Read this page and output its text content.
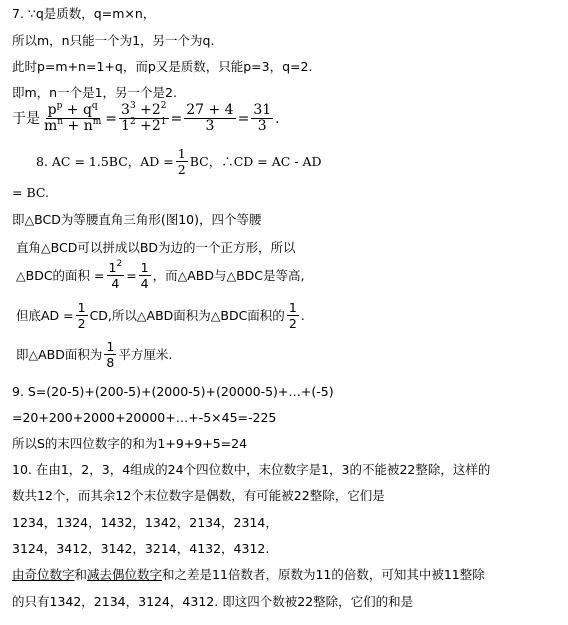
7. ∵q是质数，q=m×n，
所以m，n只能一个为1，另一个为q.
此时p=m+n=1+q，而p又是质数，只能p=3，q=2.
即m，n一个是1，另一个是2.
于是 $\frac{p^p + q^q}{m^n + n^m} = \frac{3^3 +2^2}{1^2 +2^1} = \frac{27 + 4}{3} = \frac{31}{3}$ .
8. AC = 1.5BC，AD = $\frac{1}{2}$ BC，∴CD = AC - AD
= BC.
即△BCD为等腰直角三角形(图10)，四个等腰
直角△BCD可以拼成以BD为边的一个正方形，所以
△BDC的面积 = $\frac{1^2}{4} = \frac{1}{4}$ ，而△ABD与△BDC是等高,
但底AD = $\frac{1}{2}$ CD,所以△ABD面积为△BDC面积的 $\frac{1}{2}$ .
即△ABD面积为 $\frac{1}{8}$ 平方厘米.
9. S=(20-5)+(200-5)+(2000-5)+(20000-5)+…+(-5)
=20+200+2000+20000+…+-5×45=-225
所以S的末四位数字的和为1+9+9+5=24
10. 在由1，2，3，4组成的24个四位数中，末位数字是1，3的不能被22整除，这样的
数共12个，而其余12个末位数字是偶数，有可能被22整除，它们是
1234，1324，1432，1342，2134，2314，
3124，3412，3142，3214，4132，4312.
由奇位数字和减去偶位数字和之差是11倍数者，原数为11的倍数，可知其中被11整除
的只有1342，2134，3124，4312. 即这四个数被22整除，它们的和是
